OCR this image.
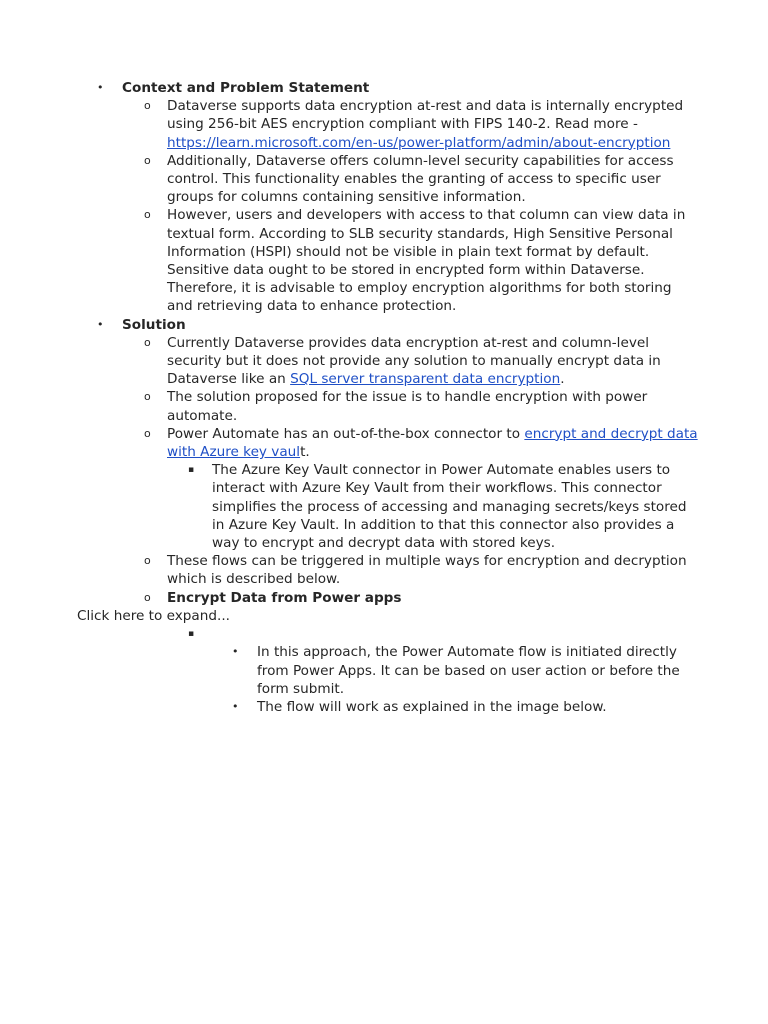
• Context and Problem Statement
o Dataverse supports data encryption at-rest and data is internally encrypted using 256-bit AES encryption compliant with FIPS 140-2. Read more - https://learn.microsoft.com/en-us/power-platform/admin/about-encryption
o Additionally, Dataverse offers column-level security capabilities for access control. This functionality enables the granting of access to specific user groups for columns containing sensitive information.
o However, users and developers with access to that column can view data in textual form. According to SLB security standards, High Sensitive Personal Information (HSPI) should not be visible in plain text format by default. Sensitive data ought to be stored in encrypted form within Dataverse. Therefore, it is advisable to employ encryption algorithms for both storing and retrieving data to enhance protection.
• Solution
o Currently Dataverse provides data encryption at-rest and column-level security but it does not provide any solution to manually encrypt data in Dataverse like an SQL server transparent data encryption.
o The solution proposed for the issue is to handle encryption with power automate.
o Power Automate has an out-of-the-box connector to encrypt and decrypt data with Azure key vault.
▪ The Azure Key Vault connector in Power Automate enables users to interact with Azure Key Vault from their workflows. This connector simplifies the process of accessing and managing secrets/keys stored in Azure Key Vault. In addition to that this connector also provides a way to encrypt and decrypt data with stored keys.
o These flows can be triggered in multiple ways for encryption and decryption which is described below.
o Encrypt Data from Power apps
Click here to expand...
▪

• In this approach, the Power Automate flow is initiated directly from Power Apps. It can be based on user action or before the form submit.
• The flow will work as explained in the image below.
